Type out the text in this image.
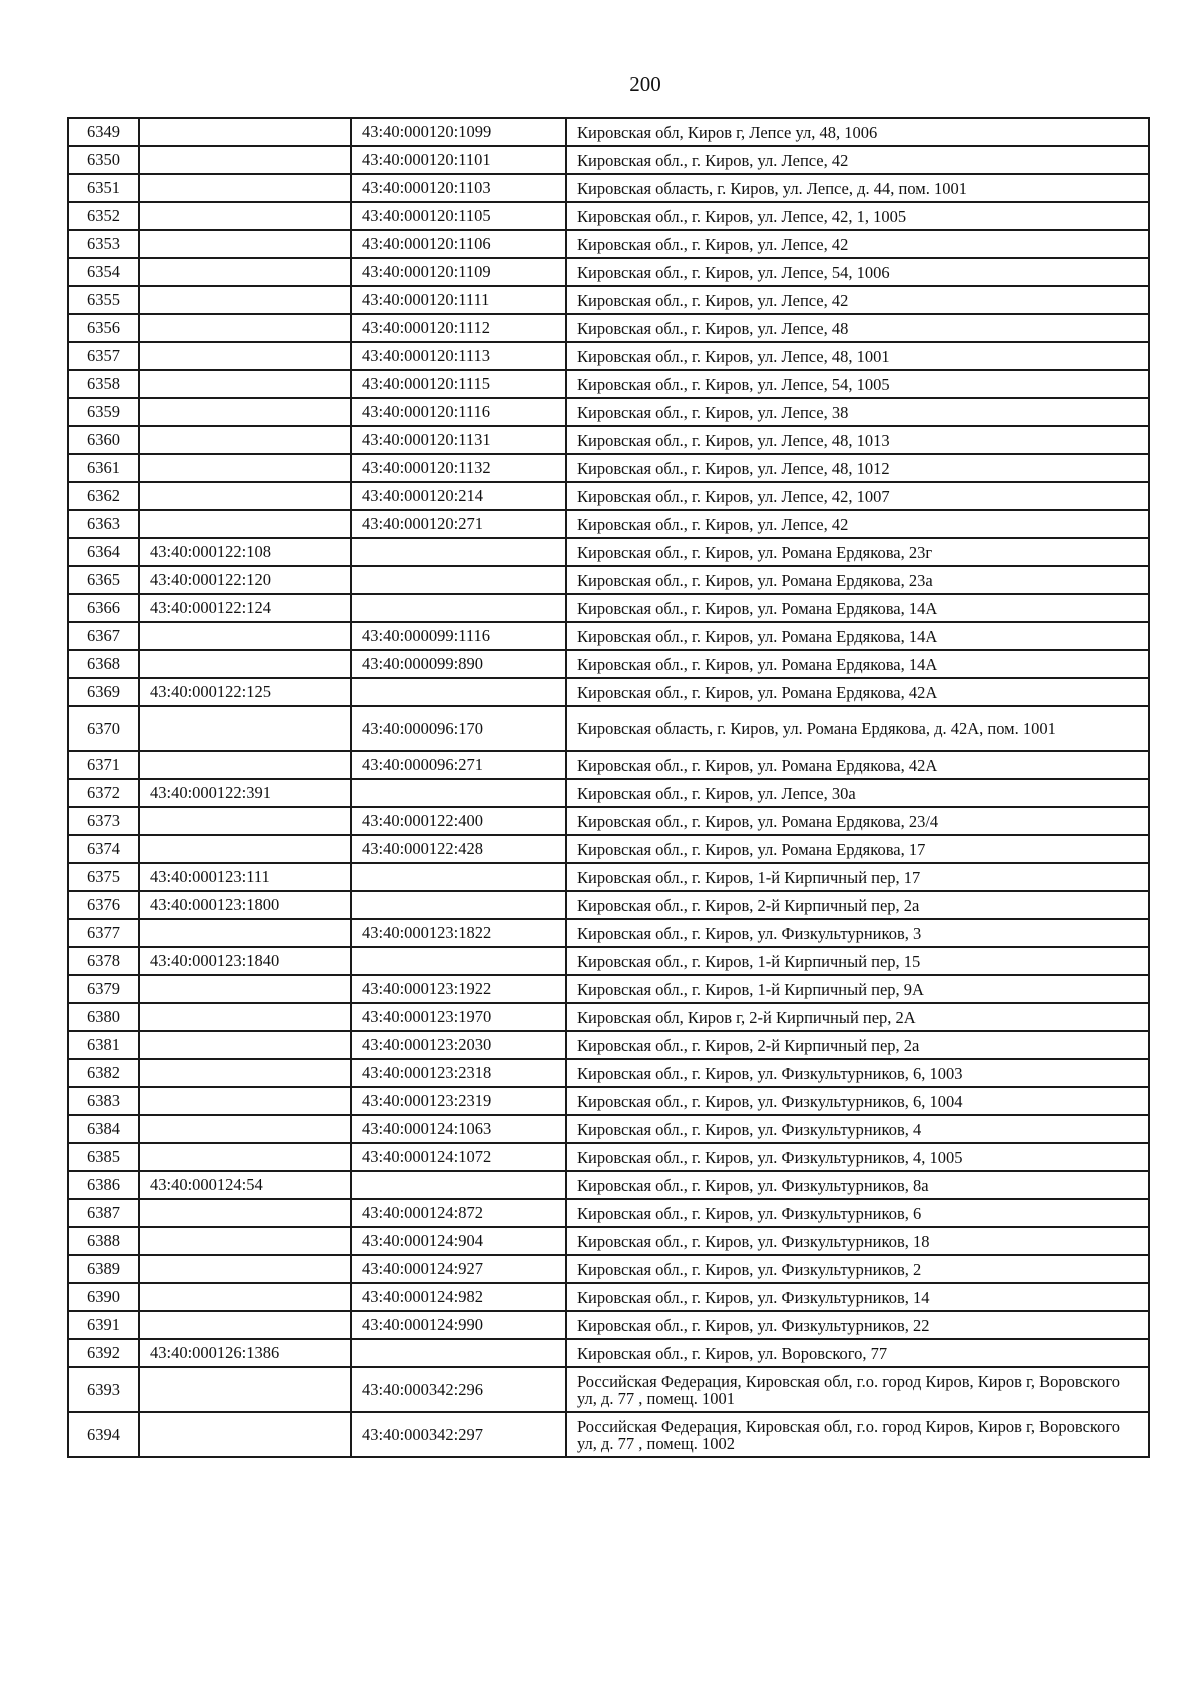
200
6349		43:40:000120:1099	Кировская обл, Киров г, Лепсе ул, 48, 1006
6350		43:40:000120:1101	Кировская обл., г. Киров, ул. Лепсе, 42
6351		43:40:000120:1103	Кировская область, г. Киров, ул. Лепсе, д. 44, пом. 1001
6352		43:40:000120:1105	Кировская обл., г. Киров, ул. Лепсе, 42, 1, 1005
6353		43:40:000120:1106	Кировская обл., г. Киров, ул. Лепсе, 42
6354		43:40:000120:1109	Кировская обл., г. Киров, ул. Лепсе, 54, 1006
6355		43:40:000120:1111	Кировская обл., г. Киров, ул. Лепсе, 42
6356		43:40:000120:1112	Кировская обл., г. Киров, ул. Лепсе, 48
6357		43:40:000120:1113	Кировская обл., г. Киров, ул. Лепсе, 48, 1001
6358		43:40:000120:1115	Кировская обл., г. Киров, ул. Лепсе, 54, 1005
6359		43:40:000120:1116	Кировская обл., г. Киров, ул. Лепсе, 38
6360		43:40:000120:1131	Кировская обл., г. Киров, ул. Лепсе, 48, 1013
6361		43:40:000120:1132	Кировская обл., г. Киров, ул. Лепсе, 48, 1012
6362		43:40:000120:214	Кировская обл., г. Киров, ул. Лепсе, 42, 1007
6363		43:40:000120:271	Кировская обл., г. Киров, ул. Лепсе, 42
6364	43:40:000122:108		Кировская обл., г. Киров, ул. Романа Ердякова, 23г
6365	43:40:000122:120		Кировская обл., г. Киров, ул. Романа Ердякова, 23а
6366	43:40:000122:124		Кировская обл., г. Киров, ул. Романа Ердякова, 14А
6367		43:40:000099:1116	Кировская обл., г. Киров, ул. Романа Ердякова, 14А
6368		43:40:000099:890	Кировская обл., г. Киров, ул. Романа Ердякова, 14А
6369	43:40:000122:125		Кировская обл., г. Киров, ул. Романа Ердякова, 42А
6370		43:40:000096:170	Кировская область, г. Киров, ул. Романа Ердякова, д. 42А, пом. 1001
6371		43:40:000096:271	Кировская обл., г. Киров, ул. Романа Ердякова, 42А
6372	43:40:000122:391		Кировская обл., г. Киров, ул. Лепсе, 30а
6373		43:40:000122:400	Кировская обл., г. Киров, ул. Романа Ердякова, 23/4
6374		43:40:000122:428	Кировская обл., г. Киров, ул. Романа Ердякова, 17
6375	43:40:000123:111		Кировская обл., г. Киров, 1-й Кирпичный пер, 17
6376	43:40:000123:1800		Кировская обл., г. Киров, 2-й Кирпичный пер, 2а
6377		43:40:000123:1822	Кировская обл., г. Киров, ул. Физкультурников, 3
6378	43:40:000123:1840		Кировская обл., г. Киров, 1-й Кирпичный пер, 15
6379		43:40:000123:1922	Кировская обл., г. Киров, 1-й Кирпичный пер, 9А
6380		43:40:000123:1970	Кировская обл, Киров г, 2-й Кирпичный пер, 2А
6381		43:40:000123:2030	Кировская обл., г. Киров, 2-й Кирпичный пер, 2а
6382		43:40:000123:2318	Кировская обл., г. Киров, ул. Физкультурников, 6, 1003
6383		43:40:000123:2319	Кировская обл., г. Киров, ул. Физкультурников, 6, 1004
6384		43:40:000124:1063	Кировская обл., г. Киров, ул. Физкультурников, 4
6385		43:40:000124:1072	Кировская обл., г. Киров, ул. Физкультурников, 4, 1005
6386	43:40:000124:54		Кировская обл., г. Киров, ул. Физкультурников, 8а
6387		43:40:000124:872	Кировская обл., г. Киров, ул. Физкультурников, 6
6388		43:40:000124:904	Кировская обл., г. Киров, ул. Физкультурников, 18
6389		43:40:000124:927	Кировская обл., г. Киров, ул. Физкультурников, 2
6390		43:40:000124:982	Кировская обл., г. Киров, ул. Физкультурников, 14
6391		43:40:000124:990	Кировская обл., г. Киров, ул. Физкультурников, 22
6392	43:40:000126:1386		Кировская обл., г. Киров, ул. Воровского, 77
6393		43:40:000342:296	Российская Федерация, Кировская обл, г.о. город Киров, Киров г, Воровского ул, д. 77 , помещ. 1001
6394		43:40:000342:297	Российская Федерация, Кировская обл, г.о. город Киров, Киров г, Воровского ул, д. 77 , помещ. 1002
